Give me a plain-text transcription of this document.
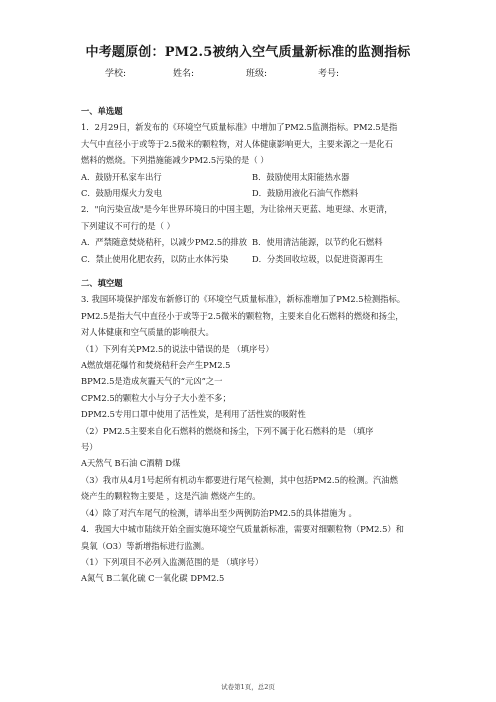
中考题原创：PM2.5被纳入空气质量新标准的监测指标
学校:	姓名:	班级:	考号:

一、单选题

1．2月29日，新发布的《环境空气质量标准》中增加了PM2.5监测指标。PM2.5是指

大气中直径小于或等于2.5微米的颗粒物，对人体健康影响更大，主要来源之一是化石

燃料的燃烧。下列措施能减少PM2.5污染的是（ ）

A．鼓励开私家车出行	B．鼓励使用太阳能热水器
C．鼓励用煤火力发电	D．鼓励用液化石油气作燃料

2．"向污染宣战"是今年世界环境日的中国主题，为让徐州天更蓝、地更绿、水更清，

下列建议不可行的是（ ）

A．严禁随意焚烧秸秆，以减少PM2.5的排放 B．使用清洁能源，以节约化石燃料
C．禁止使用化肥农药，以防止水体污染	D．分类回收垃圾，以促进资源再生

二、填空题

3. 我国环境保护部发布新修订的《环境空气质量标准》，新标准增加了PM2.5检测指标。

PM2.5是指大气中直径小于或等于2.5微米的颗粒物，主要来自化石燃料的燃烧和扬尘，

对人体健康和空气质量的影响很大。

（1）下列有关PM2.5的说法中错误的是 （填序号）

A燃放烟花爆竹和焚烧秸秆会产生PM2.5

BPM2.5是造成灰霾天气的“元凶”之一

CPM2.5的颗粒大小与分子大小差不多；

DPM2.5专用口罩中使用了活性炭，是利用了活性炭的吸附性

（2）PM2.5主要来自化石燃料的燃烧和扬尘，下列不属于化石燃料的是 （填序

号）

A天然气 B石油 C酒精 D煤

（3）我市从4月1号起所有机动车都要进行尾气检测，其中包括PM2.5的检测。汽油燃

烧产生的颗粒物主要是 ，这是汽油 燃烧产生的。

（4）除了对汽车尾气的检测，请举出至少两例防治PM2.5的具体措施为 。

4．我国大中城市陆续开始全面实施环境空气质量新标准，需要对细颗粒物（PM2.5）和

臭氧（O3）等新增指标进行监测。

（1）下列项目不必列入监测范围的是 （填序号）

A氮气 B二氧化硫 C一氧化碳 DPM2.5

试卷第1页，总2页
